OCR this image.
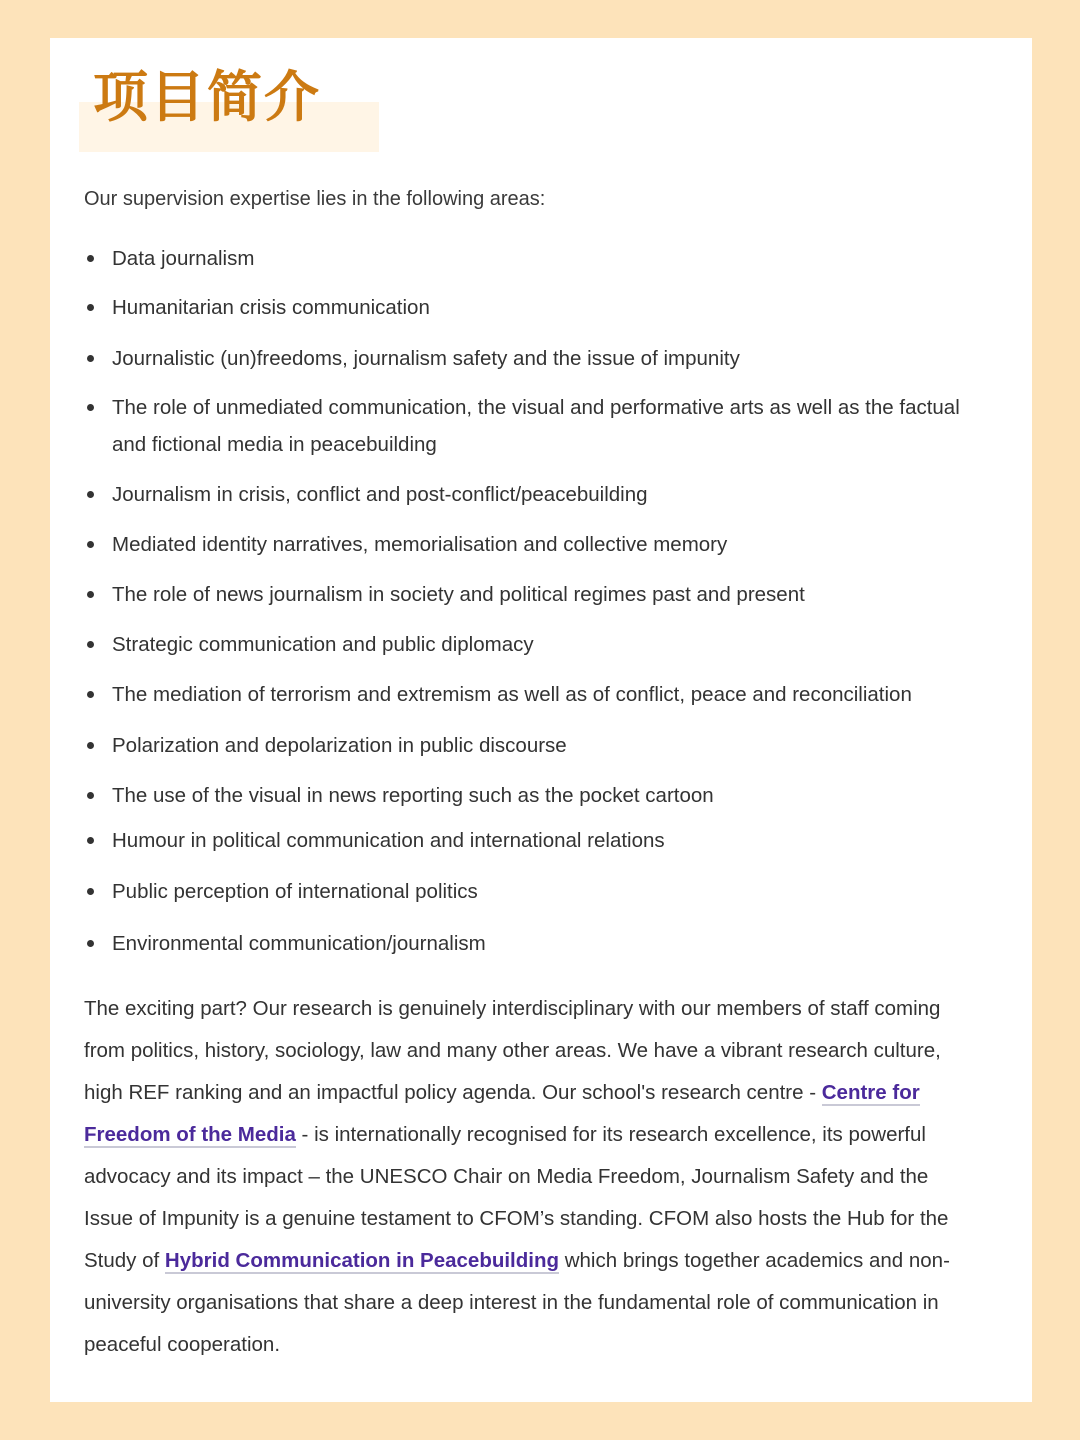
项目简介

Our supervision expertise lies in the following areas:

Data journalism
Humanitarian crisis communication
Journalistic (un)freedoms, journalism safety and the issue of impunity
The role of unmediated communication, the visual and performative arts as well as the factual and fictional media in peacebuilding
Journalism in crisis, conflict and post-conflict/peacebuilding
Mediated identity narratives, memorialisation and collective memory
The role of news journalism in society and political regimes past and present
Strategic communication and public diplomacy
The mediation of terrorism and extremism as well as of conflict, peace and reconciliation
Polarization and depolarization in public discourse
The use of the visual in news reporting such as the pocket cartoon
Humour in political communication and international relations
Public perception of international politics
Environmental communication/journalism

The exciting part? Our research is genuinely interdisciplinary with our members of staff coming from politics, history, sociology, law and many other areas. We have a vibrant research culture, high REF ranking and an impactful policy agenda. Our school's research centre - Centre for Freedom of the Media - is internationally recognised for its research excellence, its powerful advocacy and its impact – the UNESCO Chair on Media Freedom, Journalism Safety and the Issue of Impunity is a genuine testament to CFOM’s standing. CFOM also hosts the Hub for the Study of Hybrid Communication in Peacebuilding which brings together academics and non-university organisations that share a deep interest in the fundamental role of communication in peaceful cooperation.
